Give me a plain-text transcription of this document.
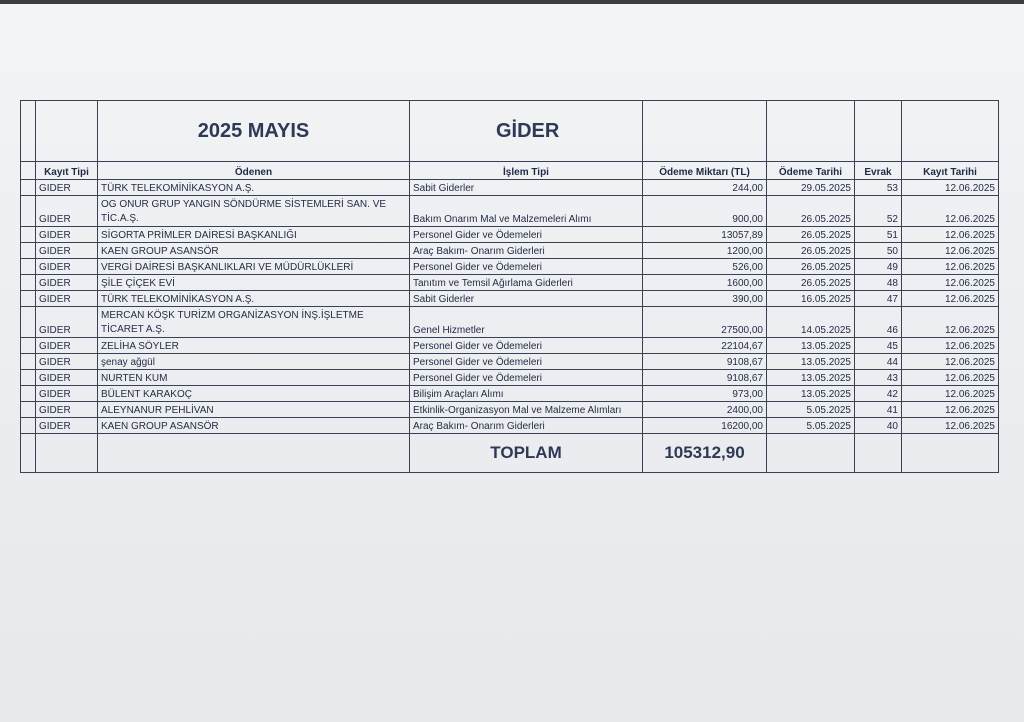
		2025 MAYIS	GİDER				
	Kayıt Tipi	Ödenen	İşlem Tipi	Ödeme Miktarı (TL)	Ödeme Tarihi	Evrak	Kayıt Tarihi
	GIDER	TÜRK TELEKOMİNİKASYON A.Ş.	Sabit Giderler	244,00	29.05.2025	53	12.06.2025
	GIDER	OG ONUR GRUP YANGIN SÖNDÜRME SİSTEMLERİ SAN. VE TİC.A.Ş.	Bakım Onarım Mal ve Malzemeleri Alımı	900,00	26.05.2025	52	12.06.2025
	GIDER	SİGORTA PRİMLER DAİRESİ BAŞKANLIĞI	Personel Gider ve Ödemeleri	13057,89	26.05.2025	51	12.06.2025
	GIDER	KAEN GROUP ASANSÖR	Araç Bakım- Onarım Giderleri	1200,00	26.05.2025	50	12.06.2025
	GIDER	VERGİ DAİRESİ BAŞKANLIKLARI VE MÜDÜRLÜKLERİ	Personel Gider ve Ödemeleri	526,00	26.05.2025	49	12.06.2025
	GIDER	ŞİLE ÇİÇEK EVİ	Tanıtım ve Temsil Ağırlama Giderleri	1600,00	26.05.2025	48	12.06.2025
	GIDER	TÜRK TELEKOMİNİKASYON A.Ş.	Sabit Giderler	390,00	16.05.2025	47	12.06.2025
	GIDER	MERCAN KÖŞK TURİZM ORGANİZASYON İNŞ.İŞLETME TİCARET A.Ş.	Genel Hizmetler	27500,00	14.05.2025	46	12.06.2025
	GIDER	ZELİHA SÖYLER	Personel Gider ve Ödemeleri	22104,67	13.05.2025	45	12.06.2025
	GIDER	şenay ağgül	Personel Gider ve Ödemeleri	9108,67	13.05.2025	44	12.06.2025
	GIDER	NURTEN KUM	Personel Gider ve Ödemeleri	9108,67	13.05.2025	43	12.06.2025
	GIDER	BÜLENT KARAKOÇ	Bilişim Araçları Alımı	973,00	13.05.2025	42	12.06.2025
	GIDER	ALEYNANUR PEHLİVAN	Etkinlik-Organizasyon Mal ve Malzeme Alımları	2400,00	5.05.2025	41	12.06.2025
	GIDER	KAEN GROUP ASANSÖR	Araç Bakım- Onarım Giderleri	16200,00	5.05.2025	40	12.06.2025
			TOPLAM	105312,90			
